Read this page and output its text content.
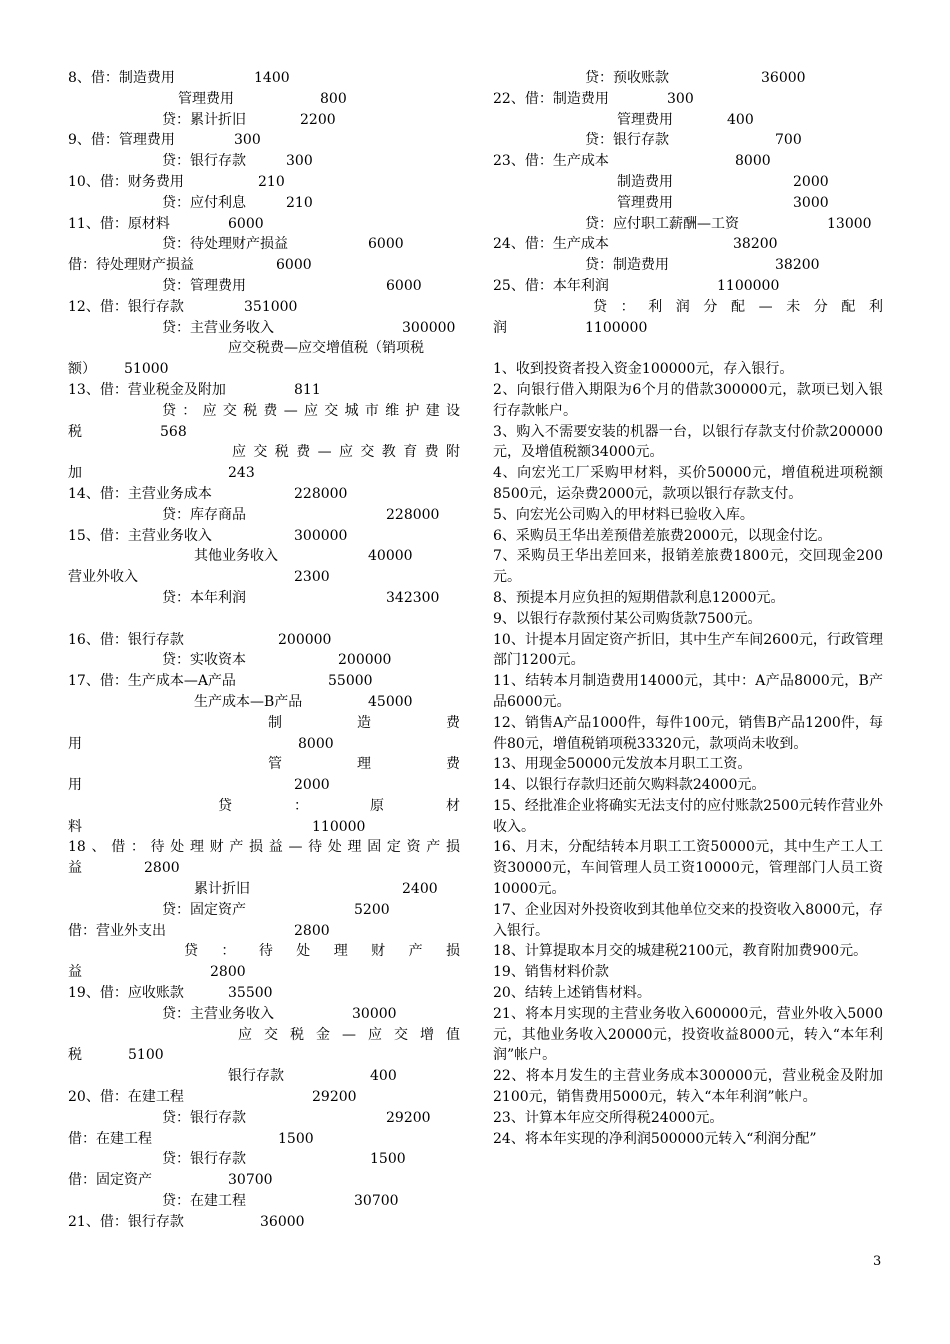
8、借：制造费用	1400
管理费用	800
贷：累计折旧	2200
9、借：管理费用	300
贷：银行存款	300
10、借：财务费用	210
贷：应付利息	210
11、借：原材料	6000
贷：待处理财产损益	6000
借：待处理财产损益	6000
贷：管理费用	6000
12、借：银行存款	351000
贷：主营业务收入	300000
应交税费—应交增值税（销项税
额） 51000
13、借：营业税金及附加	811
贷：应交税费—应交城市维护建设
税	568
应交税费—应交教育费附
加	243
14、借：主营业务成本	228000
贷：库存商品	228000
15、借：主营业务收入	300000
其他业务收入	40000
营业外收入	2300
贷：本年利润	342300
16、借：银行存款	200000
贷：实收资本	200000
17、借：生产成本—A产品	55000
生产成本—B产品	45000
制造费
用	8000
管理费
用	2000
贷：原材
料	110000
18、借：待处理财产损益—待处理固定资产损
益	2800
累计折旧	2400
贷：固定资产	5200
借：营业外支出	2800
贷：待处理财产损
益	2800
19、借：应收账款	35500
贷：主营业务收入	30000
应交税金—应交增值
税	5100
银行存款	400
20、借：在建工程	29200
贷：银行存款	29200
借：在建工程	1500
贷：银行存款	1500
借：固定资产	30700
贷：在建工程	30700
21、借：银行存款	36000
贷：预收账款	36000
22、借：制造费用	300
管理费用	400
贷：银行存款	700
23、借：生产成本	8000
制造费用	2000
管理费用	3000
贷：应付职工薪酬—工资	13000
24、借：生产成本	38200
贷：制造费用	38200
25、借：本年利润	1100000
贷：利润分配—未分配利
润	1100000
1、收到投资者投入资金100000元，存入银行。
2、向银行借入期限为6个月的借款300000元，款项已划入银行存款帐户。
3、购入不需要安装的机器一台，以银行存款支付价款200000元，及增值税额34000元。
4、向宏光工厂采购甲材料，买价50000元，增值税进项税额8500元，运杂费2000元，款项以银行存款支付。
5、向宏光公司购入的甲材料已验收入库。
6、采购员王华出差预借差旅费2000元，以现金付讫。
7、采购员王华出差回来，报销差旅费1800元，交回现金200元。
8、预提本月应负担的短期借款利息12000元。
9、以银行存款预付某公司购货款7500元。
10、计提本月固定资产折旧，其中生产车间2600元，行政管理部门1200元。
11、结转本月制造费用14000元，其中：A产品8000元，B产品6000元。
12、销售A产品1000件，每件100元，销售B产品1200件，每件80元，增值税销项税33320元，款项尚未收到。
13、用现金50000元发放本月职工工资。
14、以银行存款归还前欠购料款24000元。
15、经批准企业将确实无法支付的应付账款2500元转作营业外收入。
16、月末，分配结转本月职工工资50000元，其中生产工人工资30000元，车间管理人员工资10000元，管理部门人员工资10000元。
17、企业因对外投资收到其他单位交来的投资收入8000元，存入银行。
18、计算提取本月交的城建税2100元，教育附加费900元。
19、销售材料价款
20、结转上述销售材料。
21、将本月实现的主营业务收入600000元，营业外收入5000元，其他业务收入20000元，投资收益8000元，转入“本年利润”帐户。
22、将本月发生的主营业务成本300000元，营业税金及附加2100元，销售费用5000元，转入“本年利润”帐户。
23、计算本年应交所得税24000元。
24、将本年实现的净利润500000元转入“利润分配”
3
